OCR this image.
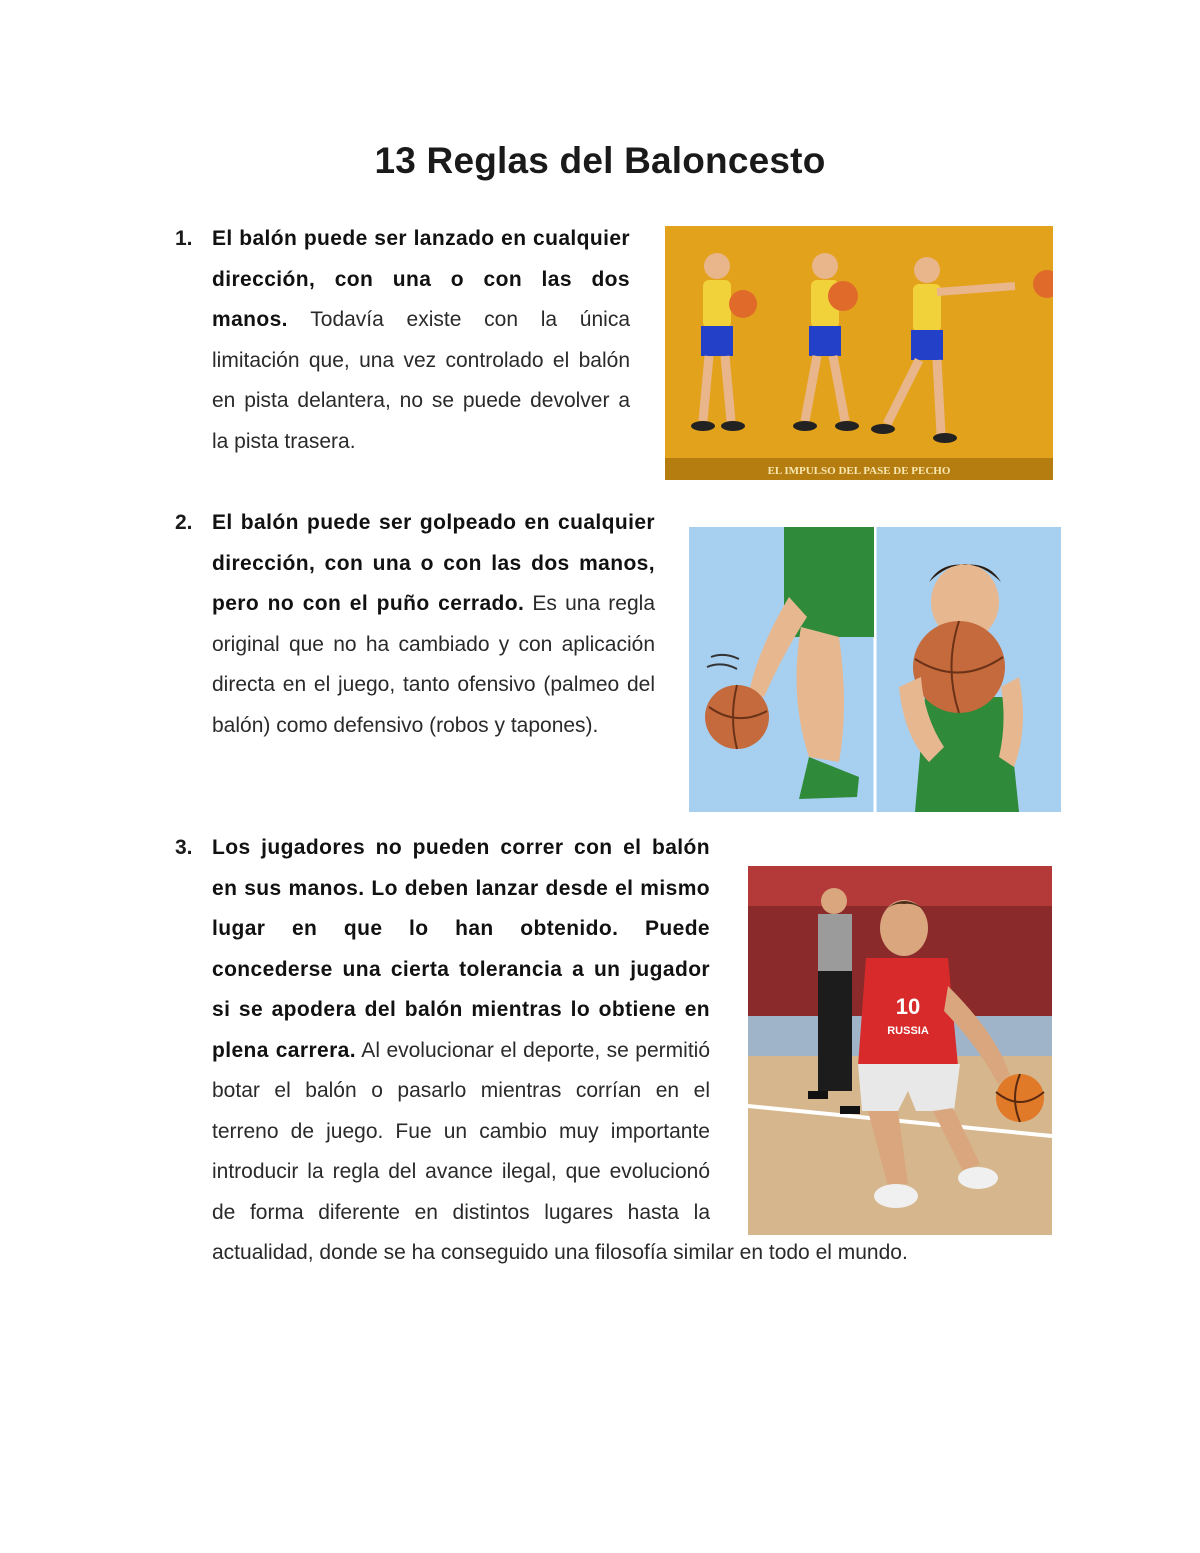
13 Reglas del Baloncesto
1. El balón puede ser lanzado en cualquier dirección, con una o con las dos manos. Todavía existe con la única limitación que, una vez controlado el balón en pista delantera, no se puede devolver a la pista trasera.

EL IMPULSO DEL PASE DE PECHO
2. El balón puede ser golpeado en cualquier dirección, con una o con las dos manos, pero no con el puño cerrado. Es una regla original que no ha cambiado y con aplicación directa en el juego, tanto ofensivo (palmeo del balón) como defensivo (robos y tapones).

3. Los jugadores no pueden correr con el balón en sus manos. Lo deben lanzar desde el mismo lugar en que lo han obtenido. Puede concederse una cierta tolerancia a un jugador si se apodera del balón mientras lo obtiene en plena carrera. Al evolucionar el deporte, se permitió botar el balón o pasarlo mientras corrían en el terreno de juego. Fue un cambio muy importante introducir la regla del avance ilegal, que evolucionó de forma diferente en distintos lugares hasta la actualidad, donde se ha conseguido una filosofía similar en todo el mundo.

10
RUSSIA
